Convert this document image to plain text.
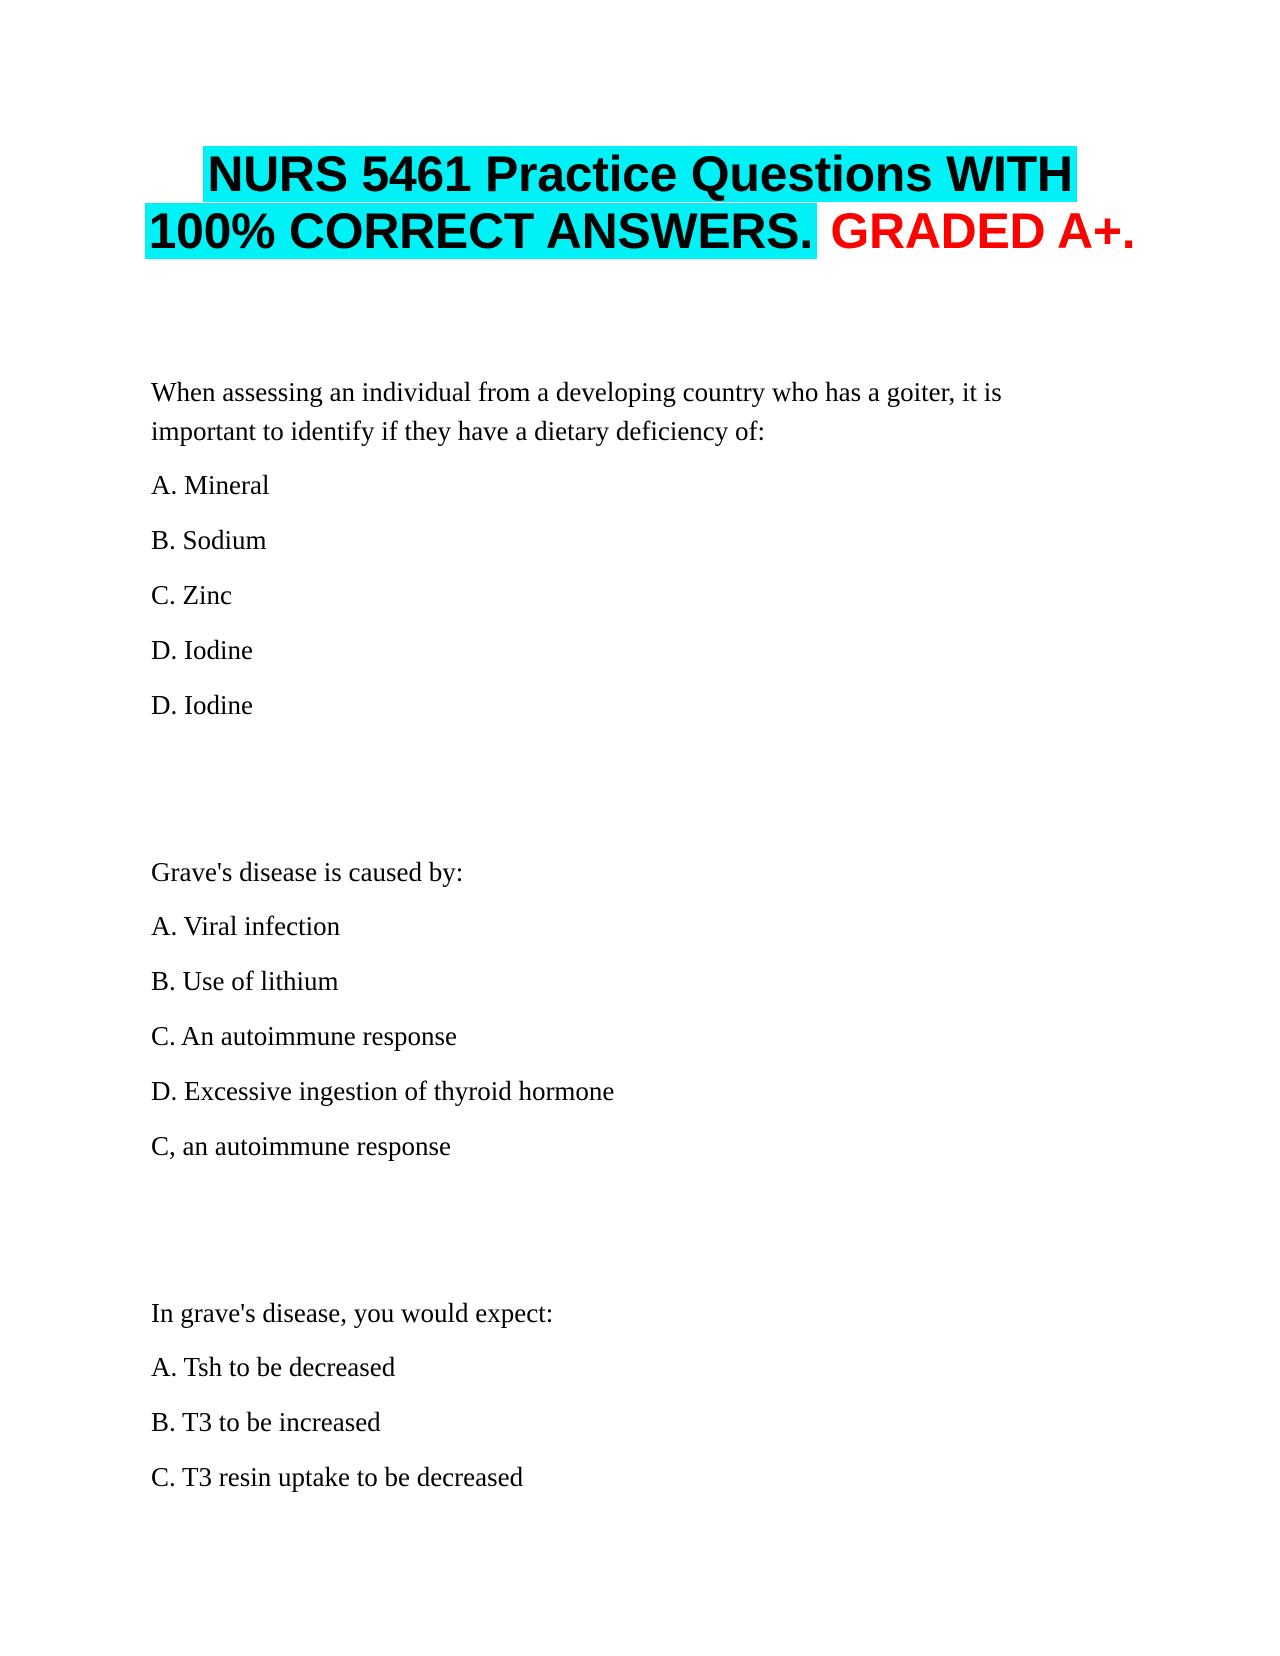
NURS 5461 Practice Questions WITH
100% CORRECT ANSWERS. GRADED A+.

When assessing an individual from a developing country who has a goiter, it is important to identify if they have a dietary deficiency of:

A. Mineral

B. Sodium

C. Zinc

D. Iodine

D. Iodine

Grave's disease is caused by:

A. Viral infection

B. Use of lithium

C. An autoimmune response

D. Excessive ingestion of thyroid hormone

C, an autoimmune response

In grave's disease, you would expect:

A. Tsh to be decreased

B. T3 to be increased

C. T3 resin uptake to be decreased
